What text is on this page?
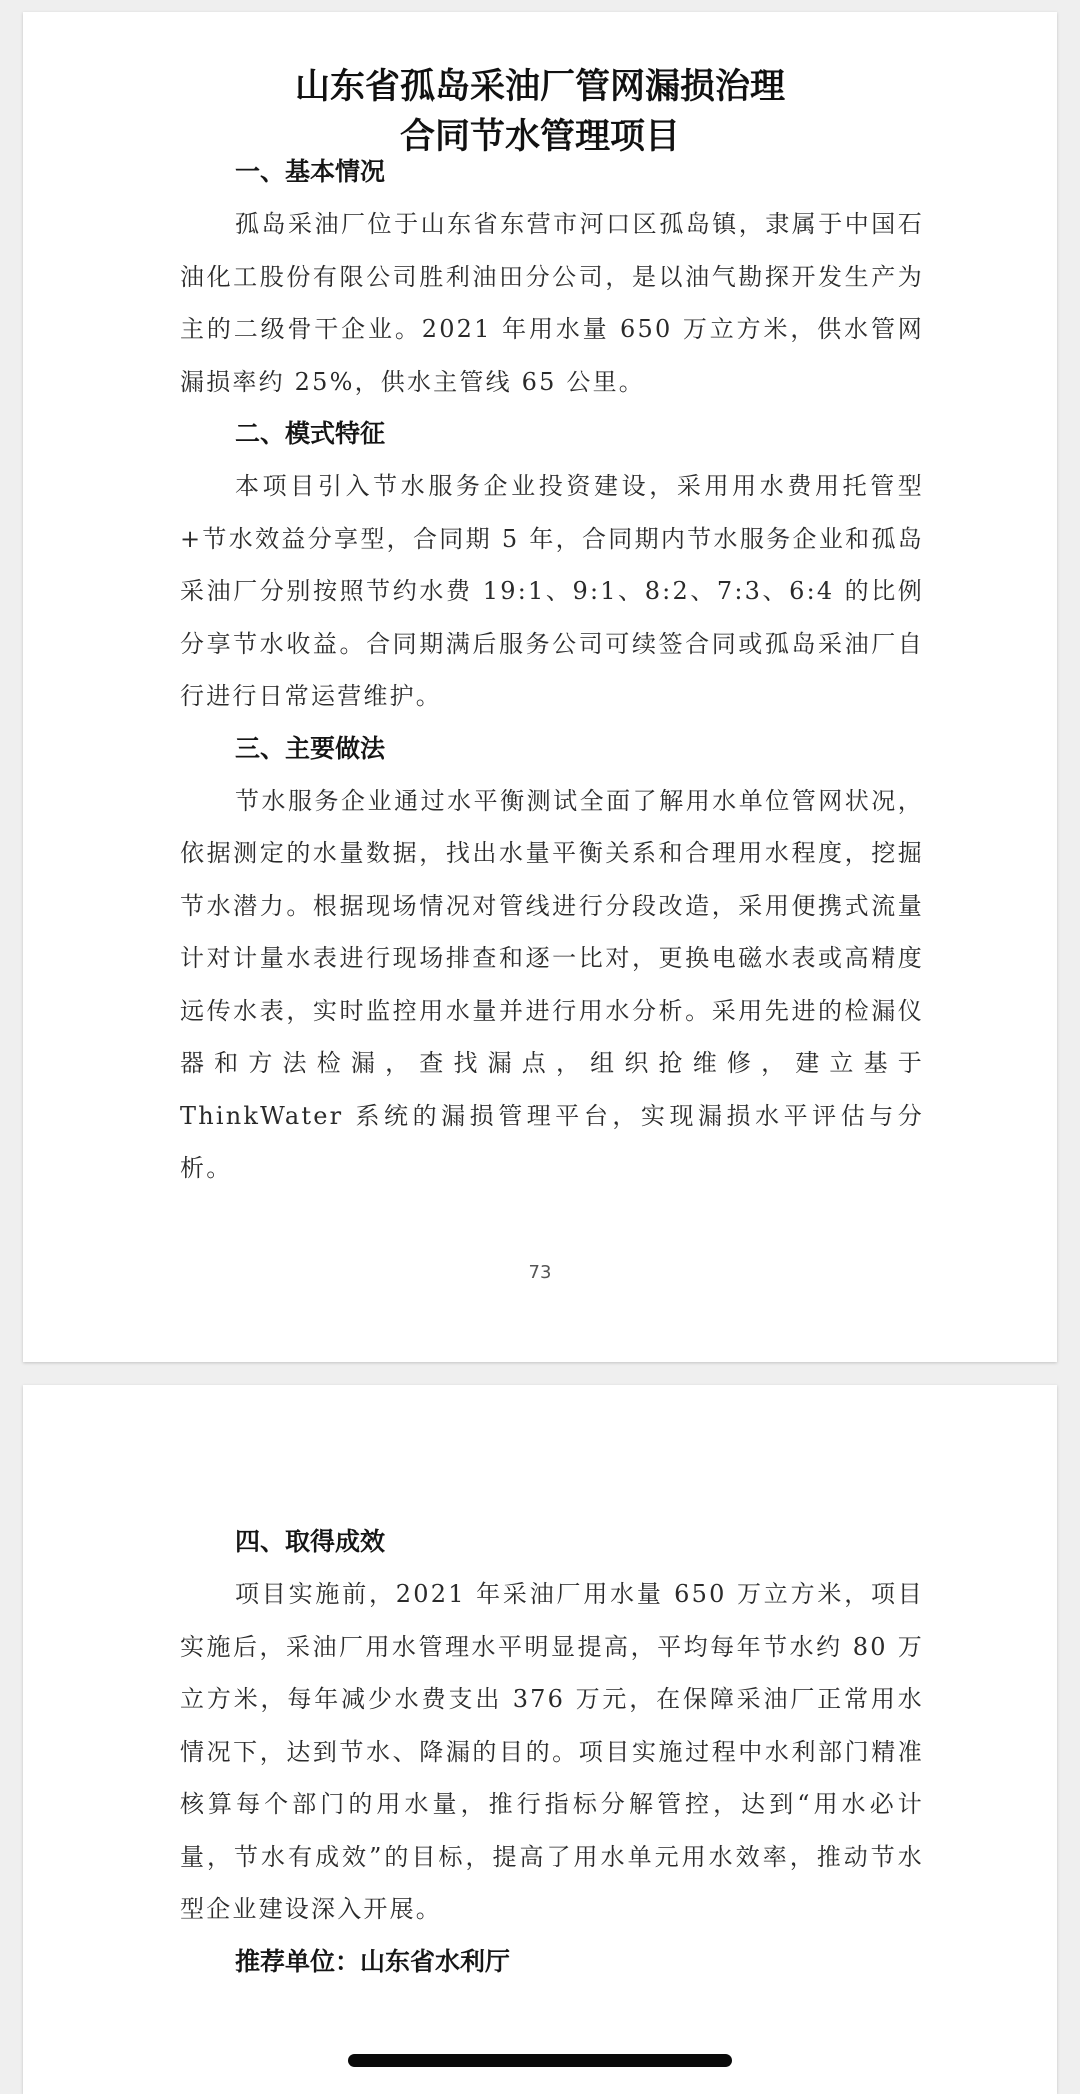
山东省孤岛采油厂管网漏损治理
合同节水管理项目

一、基本情况

孤岛采油厂位于山东省东营市河口区孤岛镇，隶属于中国石油化工股份有限公司胜利油田分公司，是以油气勘探开发生产为主的二级骨干企业。2021 年用水量 650 万立方米，供水管网漏损率约 25%，供水主管线 65 公里。

二、模式特征

本项目引入节水服务企业投资建设，采用用水费用托管型+节水效益分享型，合同期 5 年，合同期内节水服务企业和孤岛采油厂分别按照节约水费 19:1、9:1、8:2、7:3、6:4 的比例分享节水收益。合同期满后服务公司可续签合同或孤岛采油厂自行进行日常运营维护。

三、主要做法

节水服务企业通过水平衡测试全面了解用水单位管网状况，依据测定的水量数据，找出水量平衡关系和合理用水程度，挖掘节水潜力。根据现场情况对管线进行分段改造，采用便携式流量计对计量水表进行现场排查和逐一比对，更换电磁水表或高精度远传水表，实时监控用水量并进行用水分析。采用先进的检漏仪器和方法检漏，查找漏点，组织抢维修，建立基于 ThinkWater 系统的漏损管理平台，实现漏损水平评估与分析。

73

四、取得成效

项目实施前，2021 年采油厂用水量 650 万立方米，项目实施后，采油厂用水管理水平明显提高，平均每年节水约 80 万立方米，每年减少水费支出 376 万元，在保障采油厂正常用水情况下，达到节水、降漏的目的。项目实施过程中水利部门精准核算每个部门的用水量，推行指标分解管控，达到“用水必计量，节水有成效”的目标，提高了用水单元用水效率，推动节水型企业建设深入开展。

推荐单位：山东省水利厅
